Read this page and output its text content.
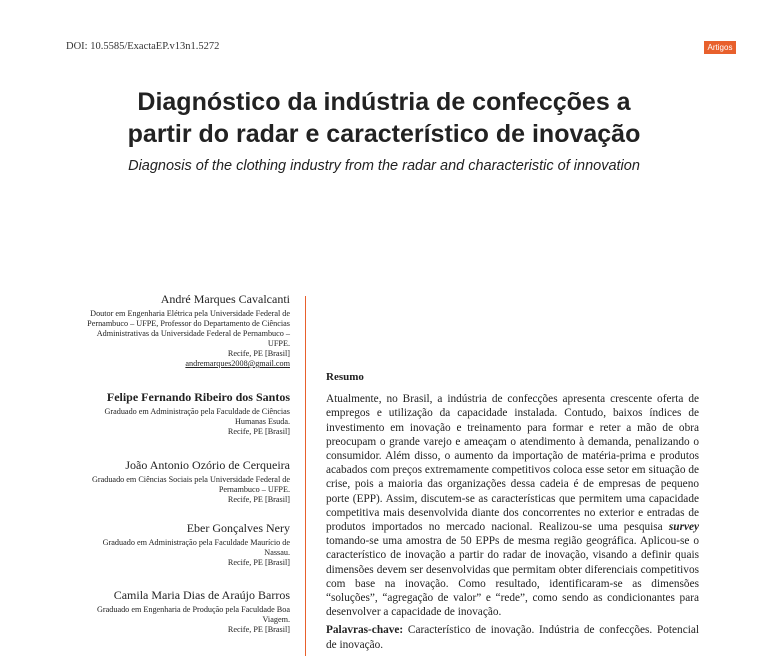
DOI: 10.5585/ExactaEP.v13n1.5272	Artigos
Diagnóstico da indústria de confecções a
partir do radar e característico de inovação
Diagnosis of the clothing industry from the radar and characteristic of innovation
André Marques Cavalcanti
Doutor em Engenharia Elétrica pela Universidade Federal de
Pernambuco – UFPE, Professor do Departamento de Ciências
Administrativas da Universidade Federal de Pernambuco –
UFPE.
Recife, PE [Brasil]
andremarques2008@gmail.com
Felipe Fernando Ribeiro dos Santos
Graduado em Administração pela Faculdade de Ciências
Humanas Esuda.
Recife, PE [Brasil]
João Antonio Ozório de Cerqueira
Graduado em Ciências Sociais pela Universidade Federal de
Pernambuco – UFPE.
Recife, PE [Brasil]
Eber Gonçalves Nery
Graduado em Administração pela Faculdade Maurício de
Nassau.
Recife, PE [Brasil]
Camila Maria Dias de Araújo Barros
Graduado em Engenharia de Produção pela Faculdade Boa
Viagem.
Recife, PE [Brasil]
Resumo

Atualmente, no Brasil, a indústria de confecções apresenta crescente oferta de empregos e utilização da capacidade instalada. Contudo, baixos índices de investimento em inovação e treinamento para formar e reter a mão de obra preocupam o grande varejo e ameaçam o atendimento à demanda, penalizando o consumidor. Além disso, o aumento da importação de matéria-prima e produtos acabados com preços extremamente competitivos coloca esse setor em situação de crise, pois a maioria das organizações dessa cadeia é de empresas de pequeno porte (EPP). Assim, discutem-se as características que permitem uma capacidade competitiva mais desenvolvida diante dos concorrentes no exterior e entradas de produtos importados no mercado nacional. Realizou-se uma pesquisa survey tomando-se uma amostra de 50 EPPs de mesma região geográfica. Aplicou-se o característico de inovação a partir do radar de inovação, visando a definir quais dimensões devem ser desenvolvidas que permitam obter diferenciais competitivos com base na inovação. Como resultado, identificaram-se as dimensões “soluções”, “agregação de valor” e “rede”, como sendo as condicionantes para desenvolver a capacidade de inovação.

Palavras-chave: Característico de inovação. Indústria de confecções. Potencial de inovação.
